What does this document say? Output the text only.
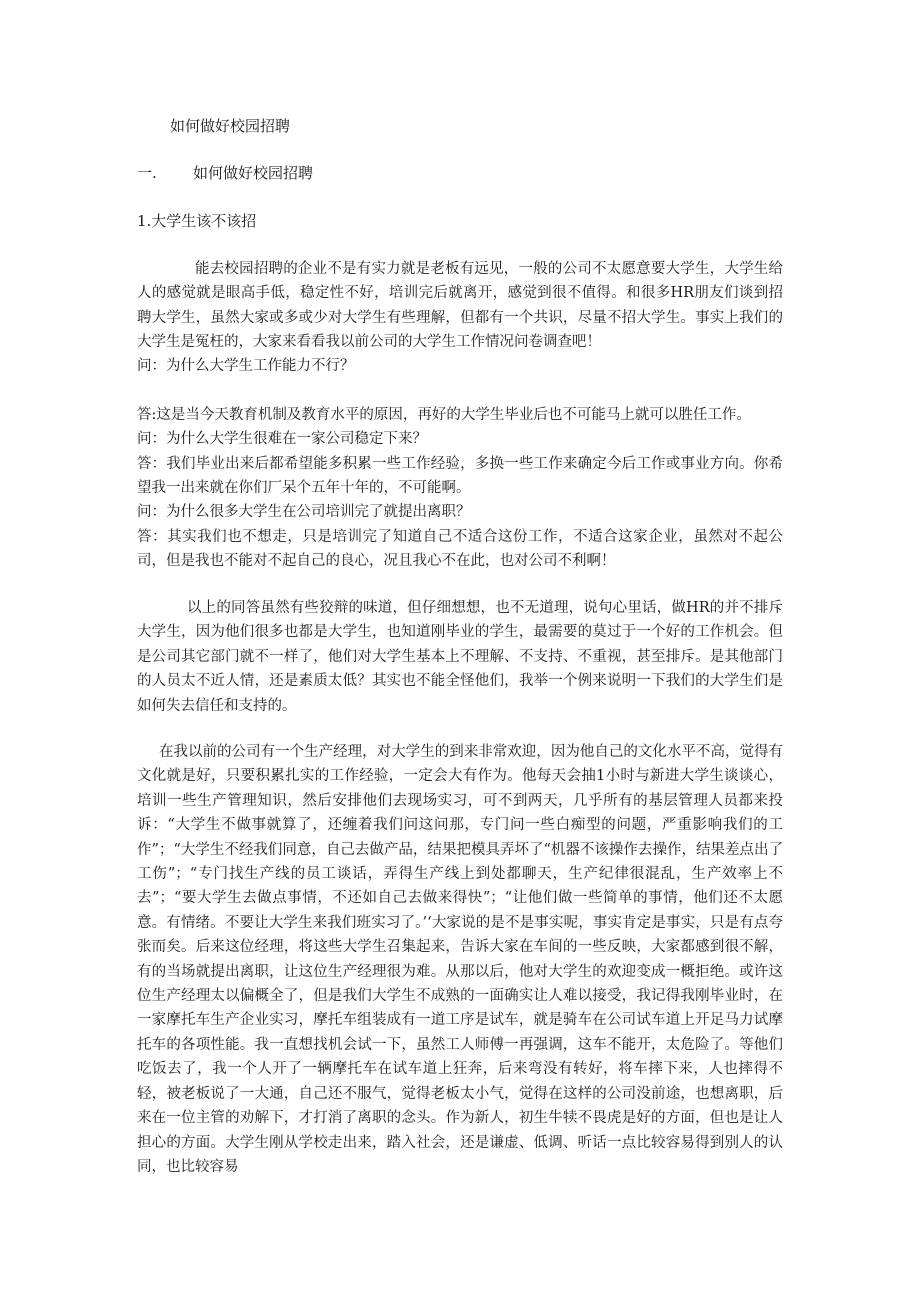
如何做好校园招聘
一. 如何做好校园招聘
1.大学生该不该招

能去校园招聘的企业不是有实力就是老板有远见，一般的公司不太愿意要大学生，大学生给人的感觉就是眼高手低，稳定性不好，培训完后就离开，感觉到很不值得。和很多HR朋友们谈到招聘大学生，虽然大家或多或少对大学生有些理解，但都有一个共识，尽量不招大学生。事实上我们的大学生是冤枉的，大家来看看我以前公司的大学生工作情况问卷调查吧！

问：为什么大学生工作能力不行？

答:这是当今天教育机制及教育水平的原因，再好的大学生毕业后也不可能马上就可以胜任工作。

问：为什么大学生很难在一家公司稳定下来？

答：我们毕业出来后都希望能多积累一些工作经验，多换一些工作来确定今后工作或事业方向。你希望我一出来就在你们厂呆个五年十年的，不可能啊。

问：为什么很多大学生在公司培训完了就提出离职？

答：其实我们也不想走，只是培训完了知道自己不适合这份工作，不适合这家企业，虽然对不起公司，但是我也不能对不起自己的良心，况且我心不在此，也对公司不利啊！

以上的同答虽然有些狡辩的味道，但仔细想想，也不无道理，说句心里话，做HR的并不排斥大学生，因为他们很多也都是大学生，也知道刚毕业的学生，最需要的莫过于一个好的工作机会。但是公司其它部门就不一样了，他们对大学生基本上不理解、不支持、不重视，甚至排斥。是其他部门的人员太不近人情，还是素质太低？其实也不能全怪他们，我举一个例来说明一下我们的大学生们是如何失去信任和支持的。

在我以前的公司有一个生产经理，对大学生的到来非常欢迎，因为他自己的文化水平不高，觉得有文化就是好，只要积累扎实的工作经验，一定会大有作为。他每天会抽1小时与新进大学生谈谈心，培训一些生产管理知识，然后安排他们去现场实习，可不到两天，几乎所有的基层管理人员都来投诉：“大学生不做事就算了，还缠着我们问这问那，专门问一些白痴型的问题，严重影响我们的工作”；“大学生不经我们同意，自己去做产品，结果把模具弄坏了“机器不该操作去操作，结果差点出了工伤”；“专门找生产线的员工谈话，弄得生产线上到处都聊天，生产纪律很混乱，生产效率上不去”；“要大学生去做点事情，不还如自己去做来得快”；“让他们做一些简单的事情，他们还不太愿意。有情绪。不要让大学生来我们班实习了。’‘大家说的是不是事实呢，事实肯定是事实，只是有点夸张而矣。后来这位经理，将这些大学生召集起来，告诉大家在车间的一些反映，大家都感到很不解，有的当场就提出离职，让这位生产经理很为难。从那以后，他对大学生的欢迎变成一概拒绝。或许这位生产经理太以偏概全了，但是我们大学生不成熟的一面确实让人难以接受，我记得我刚毕业时，在一家摩托车生产企业实习，摩托车组装成有一道工序是试车，就是骑车在公司试车道上开足马力试摩托车的各项性能。我一直想找机会试一下，虽然工人师傅一再强调，这车不能开，太危险了。等他们吃饭去了，我一个人开了一辆摩托车在试车道上狂奔，后来弯没有转好，将车摔下来，人也摔得不轻，被老板说了一大通，自己还不服气，觉得老板太小气，觉得在这样的公司没前途，也想离职，后来在一位主管的劝解下，才打消了离职的念头。作为新人，初生牛犊不畏虎是好的方面，但也是让人担心的方面。大学生刚从学校走出来，踏入社会，还是谦虚、低调、听话一点比较容易得到别人的认同，也比较容易
